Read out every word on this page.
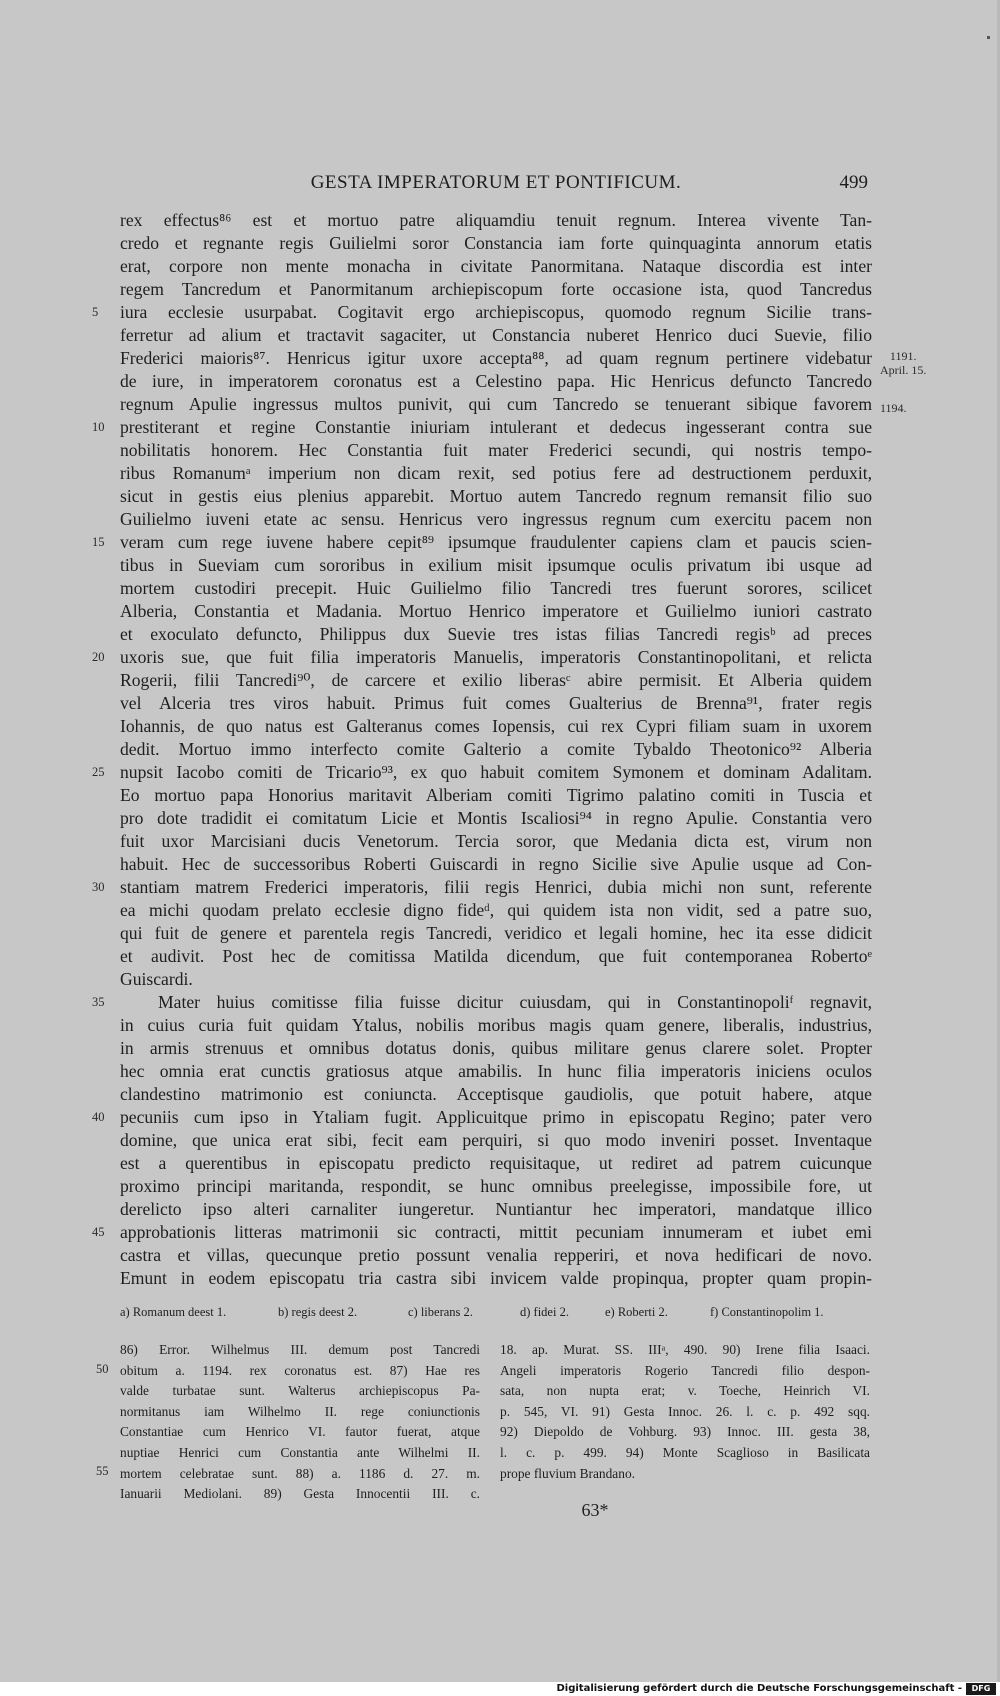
GESTA IMPERATORUM ET PONTIFICUM.	499
5
10
15
20
25
30
35
40
45
1191.
April. 15.
1194.
rex effectus⁸⁶ est et mortuo patre aliquamdiu tenuit regnum. Interea vivente Tan-
credo et regnante regis Guilielmi soror Constancia iam forte quinquaginta annorum etatis
erat, corpore non mente monacha in civitate Panormitana. Nataque discordia est inter
regem Tancredum et Panormitanum archiepiscopum forte occasione ista, quod Tancredus
iura ecclesie usurpabat. Cogitavit ergo archiepiscopus, quomodo regnum Sicilie trans-
ferretur ad alium et tractavit sagaciter, ut Constancia nuberet Henrico duci Suevie, filio
Frederici maioris⁸⁷. Henricus igitur uxore accepta⁸⁸, ad quam regnum pertinere videbatur
de iure, in imperatorem coronatus est a Celestino papa. Hic Henricus defuncto Tancredo
regnum Apulie ingressus multos punivit, qui cum Tancredo se tenuerant sibique favorem
prestiterant et regine Constantie iniuriam intulerant et dedecus ingesserant contra sue
nobilitatis honorem. Hec Constantia fuit mater Frederici secundi, qui nostris tempo-
ribus Romanumᵃ imperium non dicam rexit, sed potius fere ad destructionem perduxit,
sicut in gestis eius plenius apparebit. Mortuo autem Tancredo regnum remansit filio suo
Guilielmo iuveni etate ac sensu. Henricus vero ingressus regnum cum exercitu pacem non
veram cum rege iuvene habere cepit⁸⁹ ipsumque fraudulenter capiens clam et paucis scien-
tibus in Sueviam cum sororibus in exilium misit ipsumque oculis privatum ibi usque ad
mortem custodiri precepit. Huic Guilielmo filio Tancredi tres fuerunt sorores, scilicet
Alberia, Constantia et Madania. Mortuo Henrico imperatore et Guilielmo iuniori castrato
et exoculato defuncto, Philippus dux Suevie tres istas filias Tancredi regisᵇ ad preces
uxoris sue, que fuit filia imperatoris Manuelis, imperatoris Constantinopolitani, et relicta
Rogerii, filii Tancredi⁹⁰, de carcere et exilio liberasᶜ abire permisit. Et Alberia quidem
vel Alceria tres viros habuit. Primus fuit comes Gualterius de Brenna⁹¹, frater regis
Iohannis, de quo natus est Galteranus comes Iopensis, cui rex Cypri filiam suam in uxorem
dedit. Mortuo immo interfecto comite Galterio a comite Tybaldo Theotonico⁹² Alberia
nupsit Iacobo comiti de Tricario⁹³, ex quo habuit comitem Symonem et dominam Adalitam.
Eo mortuo papa Honorius maritavit Alberiam comiti Tigrimo palatino comiti in Tuscia et
pro dote tradidit ei comitatum Licie et Montis Iscaliosi⁹⁴ in regno Apulie. Constantia vero
fuit uxor Marcisiani ducis Venetorum. Tercia soror, que Medania dicta est, virum non
habuit. Hec de successoribus Roberti Guiscardi in regno Sicilie sive Apulie usque ad Con-
stantiam matrem Frederici imperatoris, filii regis Henrici, dubia michi non sunt, referente
ea michi quodam prelato ecclesie digno fideᵈ, qui quidem ista non vidit, sed a patre suo,
qui fuit de genere et parentela regis Tancredi, veridico et legali homine, hec ita esse didicit
et audivit. Post hec de comitissa Matilda dicendum, que fuit contemporanea Robertoᵉ
Guiscardi.
Mater huius comitisse filia fuisse dicitur cuiusdam, qui in Constantinopoliᶠ regnavit,
in cuius curia fuit quidam Ytalus, nobilis moribus magis quam genere, liberalis, industrius,
in armis strenuus et omnibus dotatus donis, quibus militare genus clarere solet. Propter
hec omnia erat cunctis gratiosus atque amabilis. In hunc filia imperatoris iniciens oculos
clandestino matrimonio est coniuncta. Acceptisque gaudiolis, que potuit habere, atque
pecuniis cum ipso in Ytaliam fugit. Applicuitque primo in episcopatu Regino; pater vero
domine, que unica erat sibi, fecit eam perquiri, si quo modo inveniri posset. Inventaque
est a querentibus in episcopatu predicto requisitaque, ut rediret ad patrem cuicunque
proximo principi maritanda, respondit, se hunc omnibus preelegisse, impossibile fore, ut
derelicto ipso alteri carnaliter iungeretur. Nuntiantur hec imperatori, mandatque illico
approbationis litteras matrimonii sic contracti, mittit pecuniam innumeram et iubet emi
castra et villas, quecunque pretio possunt venalia repperiri, et nova hedificari de novo.
Emunt in eodem episcopatu tria castra sibi invicem valde propinqua, propter quam propin-
a) Romanum deest 1.	b) regis deest 2.	c) liberans 2.	d) fidei 2.	e) Roberti 2.	f) Constantinopolim 1.
86) Error. Wilhelmus III. demum post Tancredi
obitum a. 1194. rex coronatus est. 87) Hae res
valde turbatae sunt. Walterus archiepiscopus Pa-
normitanus iam Wilhelmo II. rege coniunctionis
Constantiae cum Henrico VI. fautor fuerat, atque
nuptiae Henrici cum Constantia ante Wilhelmi II.
mortem celebratae sunt. 88) a. 1186 d. 27. m.
Ianuarii Mediolani. 89) Gesta Innocentii III. c.
50
55
18. ap. Murat. SS. IIIᵃ, 490. 90) Irene filia Isaaci.
Angeli imperatoris Rogerio Tancredi filio despon-
sata, non nupta erat; v. Toeche, Heinrich VI.
p. 545, VI. 91) Gesta Innoc. 26. l. c. p. 492 sqq.
92) Diepoldo de Vohburg. 93) Innoc. III. gesta 38,
l. c. p. 499. 94) Monte Scaglioso in Basilicata
prope fluvium Brandano.
63*
Digitalisierung gefördert durch die Deutsche Forschungsgemeinschaft -	DFG
